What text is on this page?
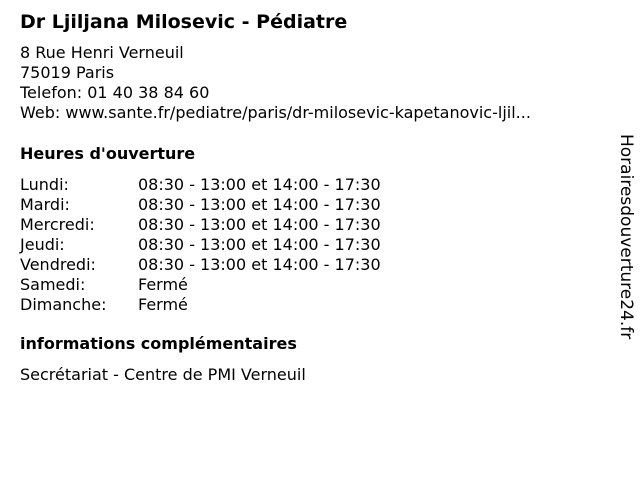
Dr Ljiljana Milosevic - Pédiatre
8 Rue Henri Verneuil
75019 Paris
Telefon: 01 40 38 84 60
Web: www.sante.fr/pediatre/paris/dr-milosevic-kapetanovic-ljil...
Heures d'ouverture
Lundi:	08:30 - 13:00 et 14:00 - 17:30
Mardi:	08:30 - 13:00 et 14:00 - 17:30
Mercredi:	08:30 - 13:00 et 14:00 - 17:30
Jeudi:	08:30 - 13:00 et 14:00 - 17:30
Vendredi:	08:30 - 13:00 et 14:00 - 17:30
Samedi:	Fermé
Dimanche:	Fermé
informations complémentaires
Secrétariat - Centre de PMI Verneuil
Horairesdouverture24.fr
